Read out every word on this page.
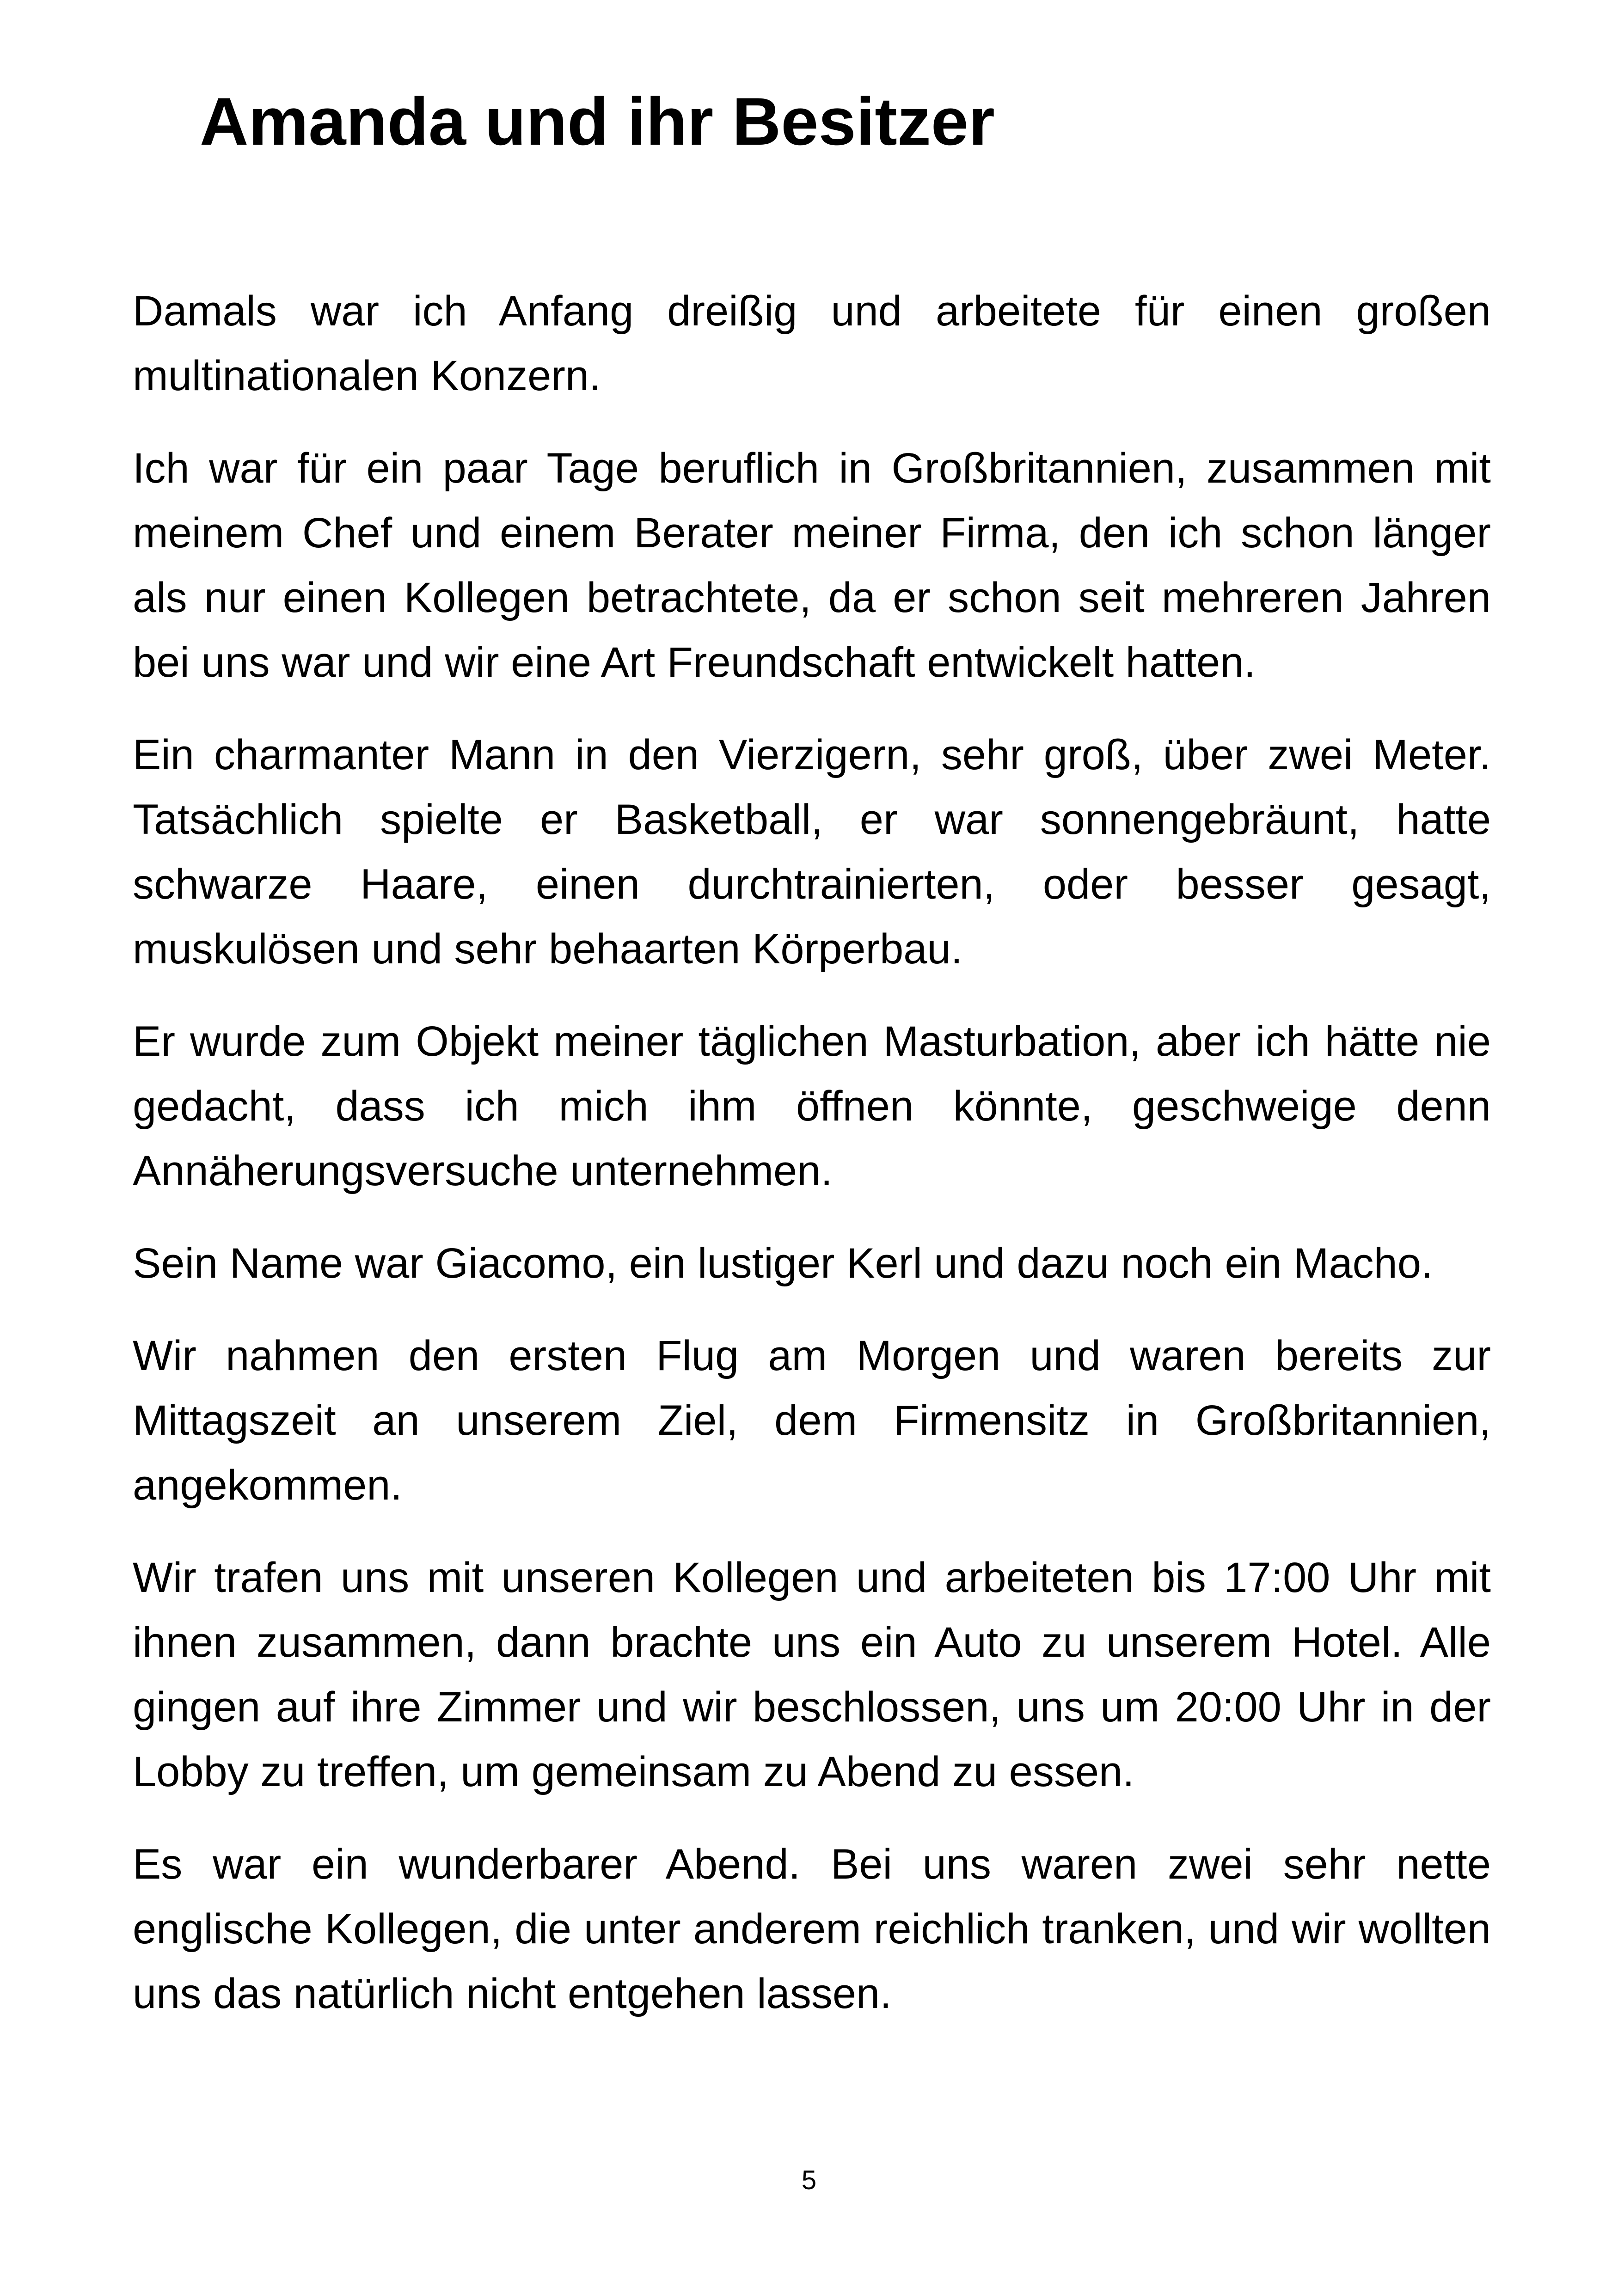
Amanda und ihr Besitzer

Damals war ich Anfang dreißig und arbeitete für einen großen multinationalen Konzern.

Ich war für ein paar Tage beruflich in Großbritannien, zusammen mit meinem Chef und einem Berater meiner Firma, den ich schon länger als nur einen Kollegen betrachtete, da er schon seit mehreren Jahren bei uns war und wir eine Art Freundschaft entwickelt hatten.

Ein charmanter Mann in den Vierzigern, sehr groß, über zwei Meter. Tatsächlich spielte er Basketball, er war sonnengebräunt, hatte schwarze Haare, einen durchtrainierten, oder besser gesagt, muskulösen und sehr behaarten Körperbau.

Er wurde zum Objekt meiner täglichen Masturbation, aber ich hätte nie gedacht, dass ich mich ihm öffnen könnte, geschweige denn Annäherungsversuche unternehmen.

Sein Name war Giacomo, ein lustiger Kerl und dazu noch ein Macho.

Wir nahmen den ersten Flug am Morgen und waren bereits zur Mittagszeit an unserem Ziel, dem Firmensitz in Großbritannien, angekommen.

Wir trafen uns mit unseren Kollegen und arbeiteten bis 17:00 Uhr mit ihnen zusammen, dann brachte uns ein Auto zu unserem Hotel. Alle gingen auf ihre Zimmer und wir beschlossen, uns um 20:00 Uhr in der Lobby zu treffen, um gemeinsam zu Abend zu essen.

Es war ein wunderbarer Abend. Bei uns waren zwei sehr nette englische Kollegen, die unter anderem reichlich tranken, und wir wollten uns das natürlich nicht entgehen lassen.

5
